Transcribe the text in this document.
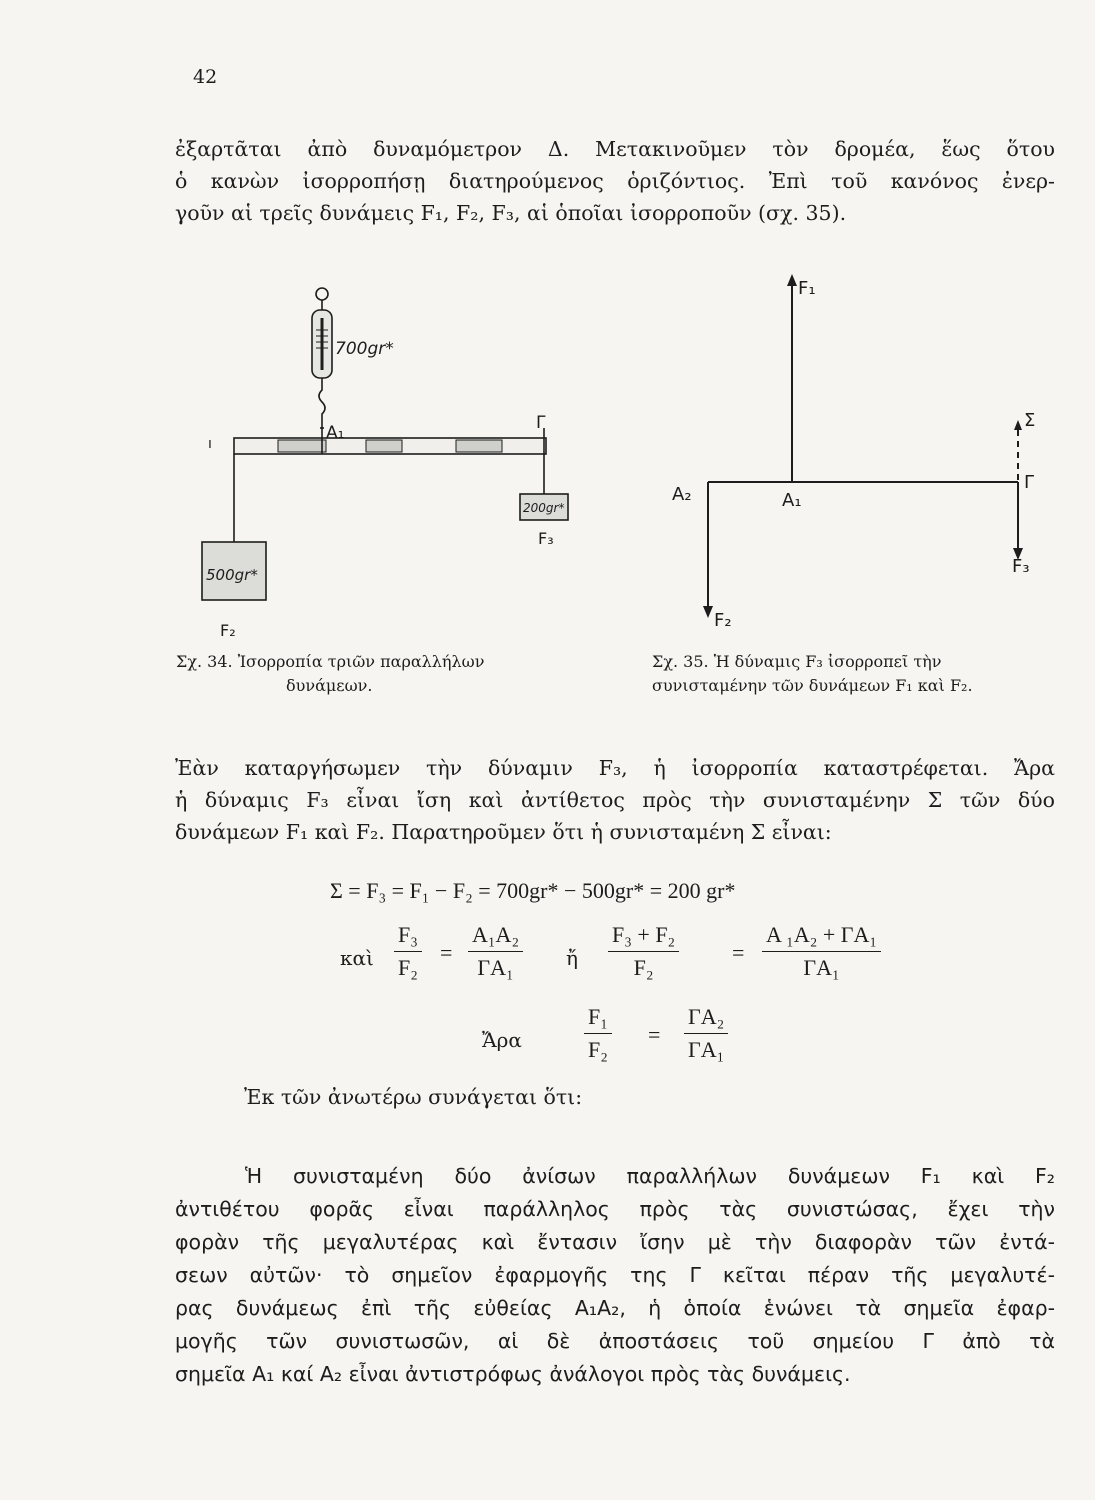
42
ἐξαρτᾶται ἀπὸ δυναμόμετρον Δ. Μετακινοῦμεν τὸν δρομέα, ἕως ὅτου
ὁ κανὼν ἰσορροπήσῃ διατηρούμενος ὁριζόντιος. Ἐπὶ τοῦ κανόνος ἐνερ-
γοῦν αἱ τρεῖς δυνάμεις F₁, F₂, F₃, αἱ ὁποῖαι ἰσορροποῦν (σχ. 35).
ı
700gr*
A₁	Γ
200gr*
F₃
500gr*
F₂
F₁
Σ
Γ
A₂	A₁
F₃
F₂
Σχ. 34. Ἰσορροπία τριῶν παραλλήλων
δυνάμεων.
Σχ. 35. Ἡ δύναμις F₃ ἰσορροπεῖ τὴν
συνισταμένην τῶν δυνάμεων F₁ καὶ F₂.
Ἐὰν καταργήσωμεν τὴν δύναμιν F₃, ἡ ἰσορροπία καταστρέφεται. Ἄρα
ἡ δύναμις F₃ εἶναι ἴση καὶ ἀντίθετος πρὸς τὴν συνισταμένην Σ τῶν δύο
δυνάμεων F₁ καὶ F₂. Παρατηροῦμεν ὅτι ἡ συνισταμένη Σ εἶναι:
Σ = F₃ = F₁ − F₂ = 700gr* − 500gr* = 200 gr*
καὶ $\frac{\text{F₃}}{\text{F₂}} = \frac{\text{A₁A₂}}{\text{ΓA₁}}$ ἤ $\frac{\text{F₃ + F₂}}{\text{F₂}} = \frac{\text{A ₁A₂ + ΓA₁}}{\text{ΓA₁}}$
Ἄρα	$\frac{\text{F₁}}{\text{F₂}} = \frac{\text{ΓA₂}}{\text{ΓA₁}}$
Ἐκ τῶν ἀνωτέρω συνάγεται ὅτι:
Ἡ συνισταμένη δύο ἀνίσων παραλλήλων δυνάμεων F₁ καὶ F₂
ἀντιθέτου φορᾶς εἶναι παράλληλος πρὸς τὰς συνιστώσας, ἔχει τὴν
φορὰν τῆς μεγαλυτέρας καὶ ἔντασιν ἴσην μὲ τὴν διαφορὰν τῶν ἐντά-
σεων αὐτῶν· τὸ σημεῖον ἐφαρμογῆς της Γ κεῖται πέραν τῆς μεγαλυτέ-
ρας δυνάμεως ἐπὶ τῆς εὐθείας A₁A₂, ἡ ὁποία ἑνώνει τὰ σημεῖα ἐφαρ-
μογῆς τῶν συνιστωσῶν, αἱ δὲ ἀποστάσεις τοῦ σημείου Γ ἀπὸ τὰ
σημεῖα A₁ καί A₂ εἶναι ἀντιστρόφως ἀνάλογοι πρὸς τὰς δυνάμεις.
